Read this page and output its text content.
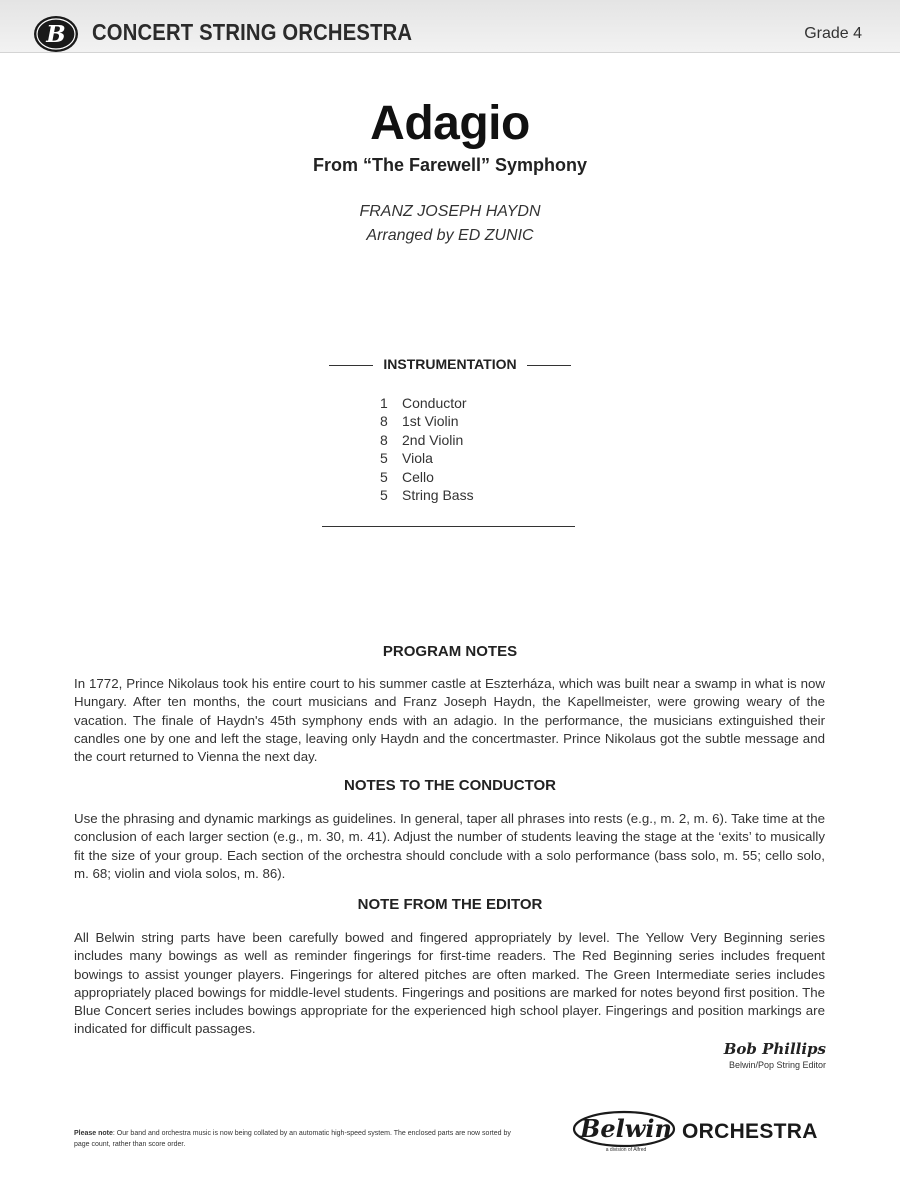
B CONCERT STRING ORCHESTRA	Grade 4
Adagio
From “The Farewell” Symphony
FRANZ JOSEPH HAYDN
Arranged by ED ZUNIC
INSTRUMENTATION
1 Conductor
8 1st Violin
8 2nd Violin
5 Viola
5 Cello
5 String Bass
PROGRAM NOTES

In 1772, Prince Nikolaus took his entire court to his summer castle at Eszterháza, which was built near a swamp in what is now Hungary. After ten months, the court musicians and Franz Joseph Haydn, the Kapellmeister, were growing weary of the vacation. The finale of Haydn's 45th symphony ends with an adagio. In the performance, the musicians extinguished their candles one by one and left the stage, leaving only Haydn and the concertmaster. Prince Nikolaus got the subtle message and the court returned to Vienna the next day.

NOTES TO THE CONDUCTOR

Use the phrasing and dynamic markings as guidelines. In general, taper all phrases into rests (e.g., m. 2, m. 6). Take time at the conclusion of each larger section (e.g., m. 30, m. 41). Adjust the number of students leaving the stage at the ‘exits’ to musically fit the size of your group. Each section of the orchestra should conclude with a solo performance (bass solo, m. 55; cello solo, m. 68; violin and viola solos, m. 86).

NOTE FROM THE EDITOR

All Belwin string parts have been carefully bowed and fingered appropriately by level. The Yellow Very Beginning series includes many bowings as well as reminder fingerings for first-time readers. The Red Beginning series includes frequent bowings to assist younger players. Fingerings for altered pitches are often marked. The Green Intermediate series includes appropriately placed bowings for middle-level students. Fingerings and positions are marked for notes beyond first position. The Blue Concert series includes bowings appropriate for the experienced high school player. Fingerings and position markings are indicated for difficult passages.

Bob Phillips
Belwin/Pop String Editor
Please note: Our band and orchestra music is now being collated by an automatic high-speed system. The enclosed parts are now sorted by page count, rather than score order.
Belwin
a division of Alfred
ORCHESTRA
